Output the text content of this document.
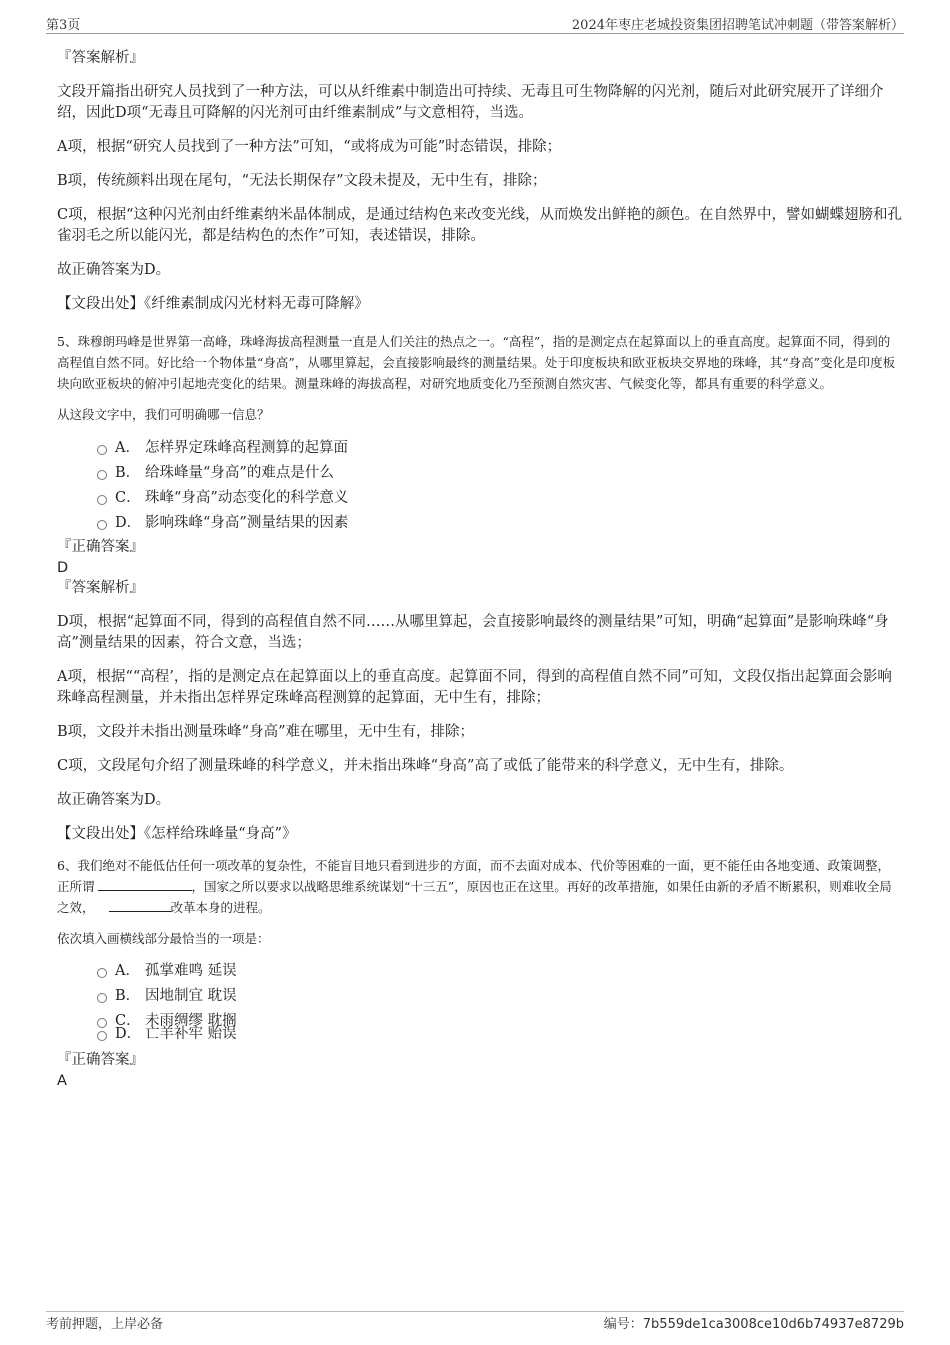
第3页	2024年枣庄老城投资集团招聘笔试冲刺题（带答案解析）

『答案解析』

文段开篇指出研究人员找到了一种方法，可以从纤维素中制造出可持续、无毒且可生物降解的闪光剂，随后对此研究展开了详细介绍，因此D项“无毒且可降解的闪光剂可由纤维素制成”与文意相符，当选。

A项，根据“研究人员找到了一种方法”可知，“或将成为可能”时态错误，排除；

B项，传统颜料出现在尾句，“无法长期保存”文段未提及，无中生有，排除；

C项，根据“这种闪光剂由纤维素纳米晶体制成，是通过结构色来改变光线，从而焕发出鲜艳的颜色。在自然界中，譬如蝴蝶翅膀和孔雀羽毛之所以能闪光，都是结构色的杰作”可知，表述错误，排除。

故正确答案为D。

【文段出处】《纤维素制成闪光材料无毒可降解》

5、珠穆朗玛峰是世界第一高峰，珠峰海拔高程测量一直是人们关注的热点之一。“高程”，指的是测定点在起算面以上的垂直高度。起算面不同，得到的高程值自然不同。好比给一个物体量“身高”，从哪里算起，会直接影响最终的测量结果。处于印度板块和欧亚板块交界地的珠峰，其“身高”变化是印度板块向欧亚板块的俯冲引起地壳变化的结果。测量珠峰的海拔高程，对研究地质变化乃至预测自然灾害、气候变化等，都具有重要的科学意义。

从这段文字中，我们可明确哪一信息？

A． 怎样界定珠峰高程测算的起算面
B． 给珠峰量“身高”的难点是什么
C． 珠峰“身高”动态变化的科学意义
D． 影响珠峰“身高”测量结果的因素

『正确答案』

D

『答案解析』

D项，根据“起算面不同，得到的高程值自然不同……从哪里算起，会直接影响最终的测量结果”可知，明确“起算面”是影响珠峰“身高”测量结果的因素，符合文意，当选；

A项，根据““高程’，指的是测定点在起算面以上的垂直高度。起算面不同，得到的高程值自然不同”可知，文段仅指出起算面会影响珠峰高程测量，并未指出怎样界定珠峰高程测算的起算面，无中生有，排除；

B项，文段并未指出测量珠峰“身高”难在哪里，无中生有，排除；

C项，文段尾句介绍了测量珠峰的科学意义，并未指出珠峰“身高”高了或低了能带来的科学意义，无中生有，排除。

故正确答案为D。

【文段出处】《怎样给珠峰量“身高”》

6、我们绝对不能低估任何一项改革的复杂性，不能盲目地只看到进步的方面，而不去面对成本、代价等困难的一面，更不能任由各地变通、政策调整，正所谓	，国家之所以要求以战略思维系统谋划“十三五”，原因也正在这里。再好的改革措施，如果任由新的矛盾不断累积，则难收全局之效，	改革本身的进程。

依次填入画横线部分最恰当的一项是：

A． 孤掌难鸣 延误
B． 因地制宜 耽误
C． 未雨绸缪 耽搁
D． 亡羊补牢 贻误

『正确答案』

A

考前押题，上岸必备	编号：7b559de1ca3008ce10d6b74937e8729b
